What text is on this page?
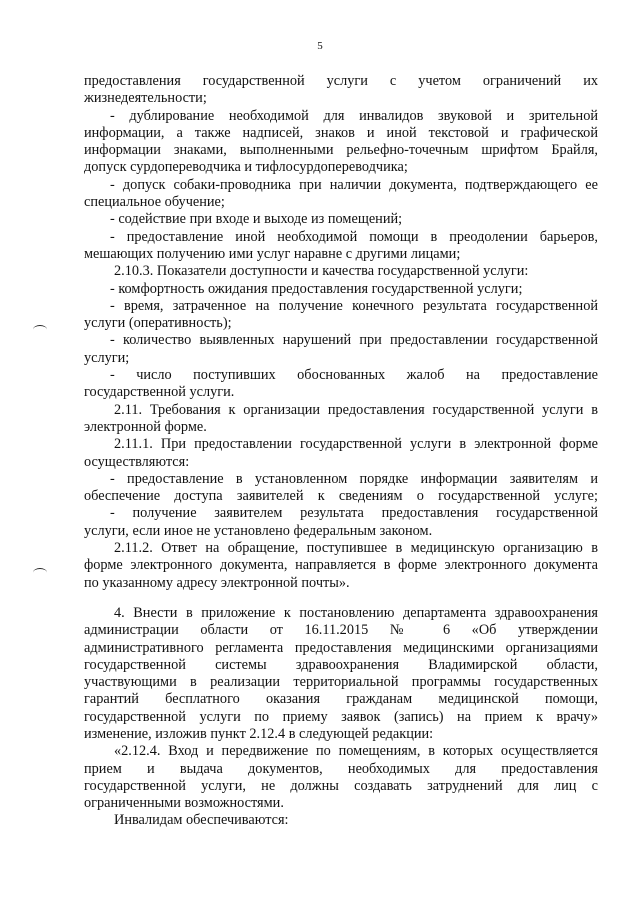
5
предоставления государственной услуги с учетом ограничений их
жизнедеятельности;
- дублирование необходимой для инвалидов звуковой и зрительной
информации, а также надписей, знаков и иной текстовой и графической
информации знаками, выполненными рельефно-точечным шрифтом Брайля,
допуск сурдопереводчика и тифлосурдопереводчика;
- допуск собаки-проводника при наличии документа, подтверждающего ее
специальное обучение;
- содействие при входе и выходе из помещений;
- предоставление иной необходимой помощи в преодолении барьеров,
мешающих получению ими услуг наравне с другими лицами;
2.10.3. Показатели доступности и качества государственной услуги:
- комфортность ожидания предоставления государственной услуги;
- время, затраченное на получение конечного результата государственной
услуги (оперативность);
- количество выявленных нарушений при предоставлении государственной
услуги;
- число поступивших обоснованных жалоб на предоставление
государственной услуги.
2.11. Требования к организации предоставления государственной услуги в
электронной форме.
2.11.1. При предоставлении государственной услуги в электронной форме
осуществляются:
- предоставление в установленном порядке информации заявителям и
обеспечение доступа заявителей к сведениям о государственной услуге;
- получение заявителем результата предоставления государственной
услуги, если иное не установлено федеральным законом.
2.11.2. Ответ на обращение, поступившее в медицинскую организацию в
форме электронного документа, направляется в форме электронного документа
по указанному адресу электронной почты».
4. Внести в приложение к постановлению департамента здравоохранения
администрации области от 16.11.2015 № 6 «Об утверждении
административного регламента предоставления медицинскими организациями
государственной системы здравоохранения Владимирской области,
участвующими в реализации территориальной программы государственных
гарантий бесплатного оказания гражданам медицинской помощи,
государственной услуги по приему заявок (запись) на прием к врачу»
изменение, изложив пункт 2.12.4 в следующей редакции:
«2.12.4. Вход и передвижение по помещениям, в которых осуществляется
прием и выдача документов, необходимых для предоставления
государственной услуги, не должны создавать затруднений для лиц с
ограниченными возможностями.
Инвалидам обеспечиваются:
